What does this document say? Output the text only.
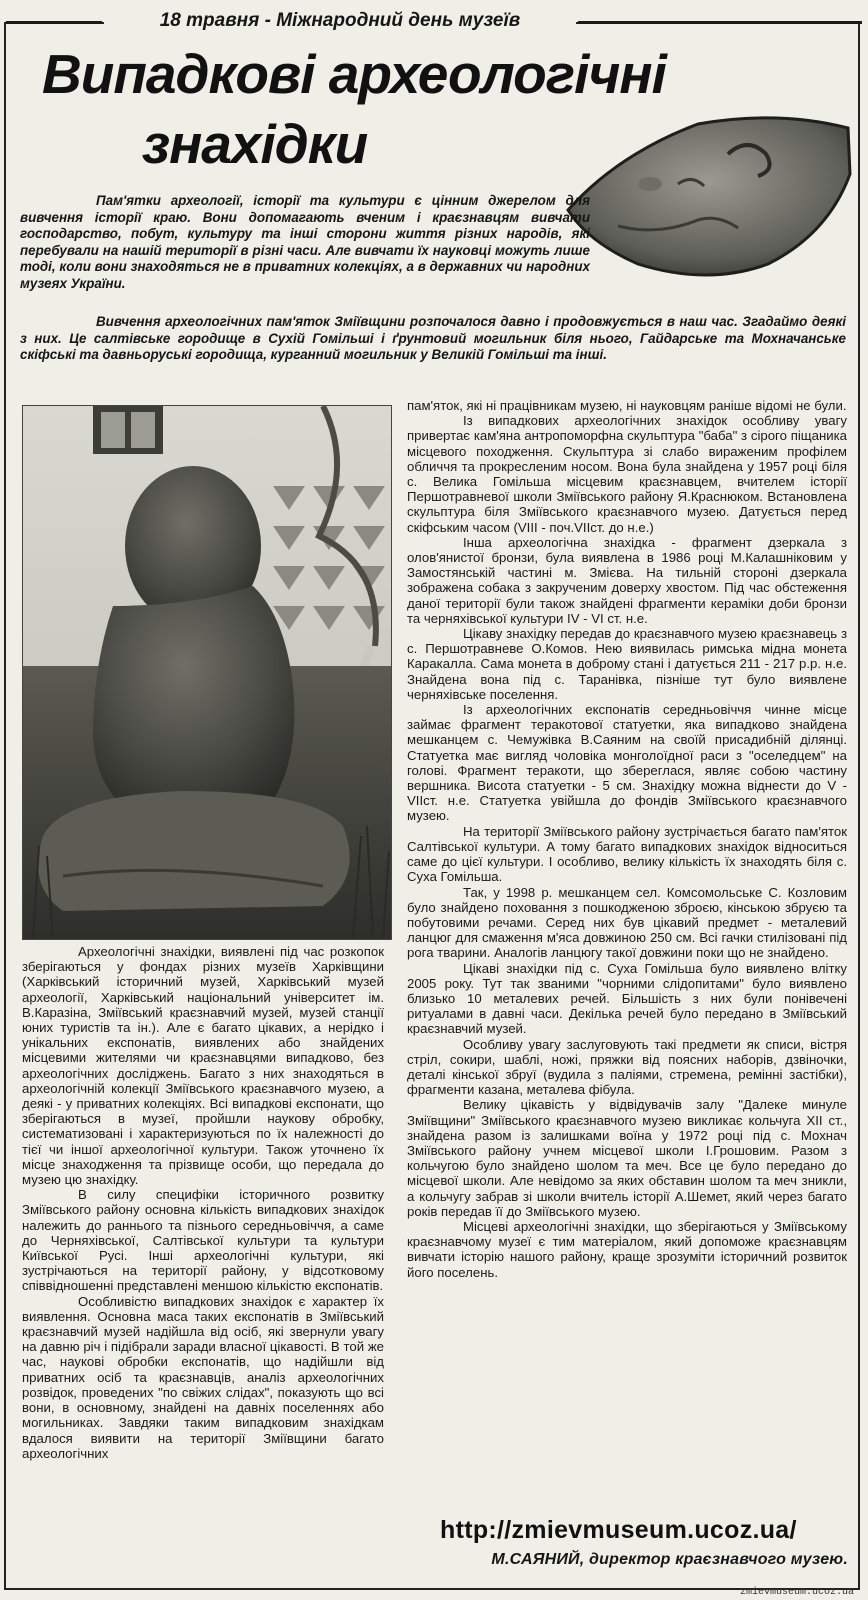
18 травня - Міжнародний день музеїв
Випадкові археологічні
знахідки

Пам'ятки археології, історії та культури є цінним джерелом для вивчення історії краю. Вони допомагають вченим і краєзнавцям вивчати господарство, побут, культуру та інші сторони життя різних народів, які перебували на нашій території в різні часи. Але вивчати їх науковці можуть лише тоді, коли вони знаходяться не в приватних колекціях, а в державних чи народних музеях України.

Вивчення археологічних пам'яток Зміївщини розпочалося давно і продовжується в наш час. Згадаймо деякі з них. Це салтівське городище в Сухій Гомільші і ґрунтовий могильник біля нього, Гайдарське та Мохначанське скіфські та давньоруські городища, курганний могильник у Великій Гомільші та інші.

Археологічні знахідки, виявлені під час розкопок зберігаються у фондах різних музеїв Харківщини (Харківський історичний музей, Харківський музей археології, Харківський національний університет ім. В.Каразіна, Зміївський краєзнавчий музей, музей станції юних туристів та ін.). Але є багато цікавих, а нерідко і унікальних експонатів, виявлених або знайдених місцевими жителями чи краєзнавцями випадково, без археологічних досліджень. Багато з них знаходяться в археологічній колекції Зміївського краєзнавчого музею, а деякі - у приватних колекціях. Всі випадкові експонати, що зберігаються в музеї, пройшли наукову обробку, систематизовані і характеризуються по їх належності до тієї чи іншої археологічної культури. Також уточнено їх місце знаходження та прізвище особи, що передала до музею цю знахідку.

В силу специфіки історичного розвитку Зміївського району основна кількість випадкових знахідок належить до раннього та пізнього середньовіччя, а саме до Черняхівської, Салтівської культури та культури Київської Русі. Інші археологічні культури, які зустрічаються на території району, у відсотковому співвідношенні представлені меншою кількістю експонатів.

Особливістю випадкових знахідок є характер їх виявлення. Основна маса таких експонатів в Зміївський краєзнавчий музей надійшла від осіб, які звернули увагу на давню річ і підібрали заради власної цікавості. В той же час, наукові обробки експонатів, що надійшли від приватних осіб та краєзнавців, аналіз археологічних розвідок, проведених "по свіжих слідах", показують що всі вони, в основному, знайдені на давніх поселеннях або могильниках. Завдяки таким випадковим знахідкам вдалося виявити на території Зміївщини багато археологічних

пам'яток, які ні працівникам музею, ні науковцям раніше відомі не були.

Із випадкових археологічних знахідок особливу увагу привертає кам'яна антропоморфна скульптура "баба" з сірого піщаника місцевого походження. Скульптура зі слабо вираженим профілем обличчя та прокресленим носом. Вона була знайдена у 1957 році біля с. Велика Гомільша місцевим краєзнавцем, вчителем історії Першотравневої школи Зміївського району Я.Краснюком. Встановлена скульптура біля Зміївського краєзнавчого музею. Датується перед скіфським часом (VIII - поч.VIIст. до н.е.)

Інша археологічна знахідка - фрагмент дзеркала з олов'янистої бронзи, була виявлена в 1986 році М.Калашніковим у Замостянській частині м. Змієва. На тильній стороні дзеркала зображена собака з закрученим доверху хвостом. Під час обстеження даної території були також знайдені фрагменти кераміки доби бронзи та черняхівської культури IV - VI ст. н.е.

Цікаву знахідку передав до краєзнавчого музею краєзнавець з с. Першотравневе О.Комов. Нею виявилась римська мідна монета Каракалла. Сама монета в доброму стані і датується 211 - 217 р.р. н.е. Знайдена вона під с. Таранівка, пізніше тут було виявлене черняхівське поселення.

Із археологічних експонатів середньовіччя чинне місце займає фрагмент теракотової статуетки, яка випадково знайдена мешканцем с. Чемужівка В.Саяним на своїй присадибній ділянці. Статуетка має вигляд чоловіка монголоїдної раси з "оселедцем" на голові. Фрагмент теракоти, що збереглася, являє собою частину вершника. Висота статуетки - 5 см. Знахідку можна віднести до V - VIIст. н.е. Статуетка увійшла до фондів Зміївського краєзнавчого музею.

На території Зміївського району зустрічається багато пам'яток Салтівської культури. А тому багато випадкових знахідок відноситься саме до цієї культури. І особливо, велику кількість їх знаходять біля с. Суха Гомільша.

Так, у 1998 р. мешканцем сел. Комсомольське С. Козловим було знайдено поховання з пошкодженою зброєю, кінською збруєю та побутовими речами. Серед них був цікавий предмет - металевий ланцюг для смаження м'яса довжиною 250 см. Всі гачки стилізовані під рога тварини. Аналогів ланцюгу такої довжини поки що не знайдено.

Цікаві знахідки під с. Суха Гомільша було виявлено влітку 2005 року. Тут так званими "чорними слідопитами" було виявлено близько 10 металевих речей. Більшість з них були понівечені ритуалами в давні часи. Декілька речей було передано в Зміївський краєзнавчий музей.

Особливу увагу заслуговують такі предмети як списи, вістря стріл, сокири, шаблі, ножі, пряжки від поясних наборів, дзвіночки, деталі кінської збруї (вудила з паліями, стремена, ремінні застібки), фрагменти казана, металева фібула.

Велику цікавість у відвідувачів залу "Далеке минуле Зміївщини" Зміївського краєзнавчого музею викликає кольчуга XII ст., знайдена разом із залишками воїна у 1972 році під с. Мохнач Зміївського району учнем місцевої школи І.Грошовим. Разом з кольчугою було знайдено шолом та меч. Все це було передано до місцевої школи. Але невідомо за яких обставин шолом та меч зникли, а кольчугу забрав зі школи вчитель історії А.Шемет, який через багато років передав її до Зміївського музею.

Місцеві археологічні знахідки, що зберігаються у Зміївському краєзнавчому музеї є тим матеріалом, який допоможе краєзнавцям вивчати історію нашого району, краще зрозуміти історичний розвиток його поселень.

http://zmievmuseum.ucoz.ua/
М.САЯНИЙ, директор краєзнавчого музею.
zmievmuseum.ucoz.ua
